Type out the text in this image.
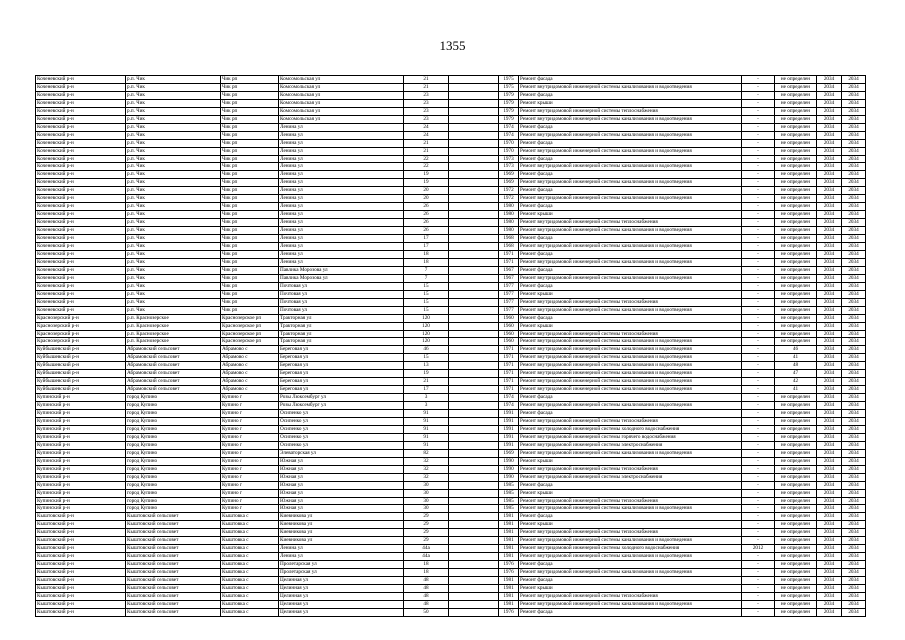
1355
Коченевский р-н	р.п. Чик	Чик рп	Комсомольская ул	21		1975	Ремонт фасада	-	не определен	2034	2034
Коченевский р-н	р.п. Чик	Чик рп	Комсомольская ул	21		1975	Ремонт внутридомовой инженерной системы канализования и водоотведения	-	не определен	2034	2034
Коченевский р-н	р.п. Чик	Чик рп	Комсомольская ул	23		1979	Ремонт фасада	-	не определен	2034	2034
Коченевский р-н	р.п. Чик	Чик рп	Комсомольская ул	23		1979	Ремонт крыши	-	не определен	2034	2034
Коченевский р-н	р.п. Чик	Чик рп	Комсомольская ул	23		1979	Ремонт внутридомовой инженерной системы теплоснабжения	-	не определен	2034	2034
Коченевский р-н	р.п. Чик	Чик рп	Комсомольская ул	23		1979	Ремонт внутридомовой инженерной системы канализования и водоотведения	-	не определен	2034	2034
Коченевский р-н	р.п. Чик	Чик рп	Ленина ул	24		1974	Ремонт фасада	-	не определен	2034	2034
Коченевский р-н	р.п. Чик	Чик рп	Ленина ул	24		1974	Ремонт внутридомовой инженерной системы канализования и водоотведения	-	не определен	2034	2034
Коченевский р-н	р.п. Чик	Чик рп	Ленина ул	21		1970	Ремонт фасада	-	не определен	2034	2034
Коченевский р-н	р.п. Чик	Чик рп	Ленина ул	21		1970	Ремонт внутридомовой инженерной системы канализования и водоотведения	-	не определен	2034	2034
Коченевский р-н	р.п. Чик	Чик рп	Ленина ул	22		1973	Ремонт фасада	-	не определен	2034	2034
Коченевский р-н	р.п. Чик	Чик рп	Ленина ул	22		1973	Ремонт внутридомовой инженерной системы канализования и водоотведения	-	не определен	2034	2034
Коченевский р-н	р.п. Чик	Чик рп	Ленина ул	19		1969	Ремонт фасада	-	не определен	2034	2034
Коченевский р-н	р.п. Чик	Чик рп	Ленина ул	19		1969	Ремонт внутридомовой инженерной системы канализования и водоотведения	-	не определен	2034	2034
Коченевский р-н	р.п. Чик	Чик рп	Ленина ул	20		1972	Ремонт фасада	-	не определен	2034	2034
Коченевский р-н	р.п. Чик	Чик рп	Ленина ул	20		1972	Ремонт внутридомовой инженерной системы канализования и водоотведения	-	не определен	2034	2034
Коченевский р-н	р.п. Чик	Чик рп	Ленина ул	26		1980	Ремонт фасада	-	не определен	2034	2034
Коченевский р-н	р.п. Чик	Чик рп	Ленина ул	26		1980	Ремонт крыши	-	не определен	2034	2034
Коченевский р-н	р.п. Чик	Чик рп	Ленина ул	26		1980	Ремонт внутридомовой инженерной системы теплоснабжения	-	не определен	2034	2034
Коченевский р-н	р.п. Чик	Чик рп	Ленина ул	26		1980	Ремонт внутридомовой инженерной системы канализования и водоотведения	-	не определен	2034	2034
Коченевский р-н	р.п. Чик	Чик рп	Ленина ул	17		1968	Ремонт фасада	-	не определен	2034	2034
Коченевский р-н	р.п. Чик	Чик рп	Ленина ул	17		1968	Ремонт внутридомовой инженерной системы канализования и водоотведения	-	не определен	2034	2034
Коченевский р-н	р.п. Чик	Чик рп	Ленина ул	18		1971	Ремонт фасада	-	не определен	2034	2034
Коченевский р-н	р.п. Чик	Чик рп	Ленина ул	18		1971	Ремонт внутридомовой инженерной системы канализования и водоотведения	-	не определен	2034	2034
Коченевский р-н	р.п. Чик	Чик рп	Павлика Морозова ул	7		1967	Ремонт фасада	-	не определен	2034	2034
Коченевский р-н	р.п. Чик	Чик рп	Павлика Морозова ул	7		1967	Ремонт внутридомовой инженерной системы канализования и водоотведения	-	не определен	2034	2034
Коченевский р-н	р.п. Чик	Чик рп	Почтовая ул	15		1977	Ремонт фасада	-	не определен	2034	2034
Коченевский р-н	р.п. Чик	Чик рп	Почтовая ул	15		1977	Ремонт крыши	-	не определен	2034	2034
Коченевский р-н	р.п. Чик	Чик рп	Почтовая ул	15		1977	Ремонт внутридомовой инженерной системы теплоснабжения	-	не определен	2034	2034
Коченевский р-н	р.п. Чик	Чик рп	Почтовая ул	15		1977	Ремонт внутридомовой инженерной системы канализования и водоотведения	-	не определен	2034	2034
Краснозерский р-н	р.п. Краснозерское	Краснозерское рп	Тракторная ул	120		1960	Ремонт фасада	-	не определен	2034	2034
Краснозерский р-н	р.п. Краснозерское	Краснозерское рп	Тракторная ул	120		1960	Ремонт крыши	-	не определен	2034	2034
Краснозерский р-н	р.п. Краснозерское	Краснозерское рп	Тракторная ул	120		1960	Ремонт внутридомовой инженерной системы теплоснабжения	-	не определен	2034	2034
Краснозерский р-н	р.п. Краснозерское	Краснозерское рп	Тракторная ул	120		1960	Ремонт внутридомовой инженерной системы канализования и водоотведения	-	не определен	2034	2034
Куйбышевский р-н	Абрамовский сельсовет	Абрамово с	Береговая ул	46		1971	Ремонт внутридомовой инженерной системы канализования и водоотведения	-	46	2034	2034
Куйбышевский р-н	Абрамовский сельсовет	Абрамово с	Береговая ул	15		1971	Ремонт внутридомовой инженерной системы канализования и водоотведения	-	41	2034	2034
Куйбышевский р-н	Абрамовский сельсовет	Абрамово с	Береговая ул	13		1971	Ремонт внутридомовой инженерной системы канализования и водоотведения	-	48	2034	2034
Куйбышевский р-н	Абрамовский сельсовет	Абрамово с	Береговая ул	19		1971	Ремонт внутридомовой инженерной системы канализования и водоотведения	-	47	2034	2034
Куйбышевский р-н	Абрамовский сельсовет	Абрамово с	Береговая ул	21		1971	Ремонт внутридомовой инженерной системы канализования и водоотведения	-	42	2034	2034
Куйбышевский р-н	Абрамовский сельсовет	Абрамово с	Береговая ул	17		1971	Ремонт внутридомовой инженерной системы канализования и водоотведения	-	41	2034	2034
Купинский р-н	город Купино	Купино г	Розы Люксембург ул	3		1974	Ремонт фасада	-	не определен	2034	2034
Купинский р-н	город Купино	Купино г	Розы Люксембург ул	3		1974	Ремонт внутридомовой инженерной системы канализования и водоотведения	-	не определен	2034	2034
Купинский р-н	город Купино	Купино г	Осипенко ул	91		1991	Ремонт фасада	-	не определен	2034	2034
Купинский р-н	город Купино	Купино г	Осипенко ул	91		1991	Ремонт внутридомовой инженерной системы теплоснабжения	-	не определен	2034	2034
Купинский р-н	город Купино	Купино г	Осипенко ул	91		1991	Ремонт внутридомовой инженерной системы холодного водоснабжения	-	не определен	2034	2034
Купинский р-н	город Купино	Купино г	Осипенко ул	91		1991	Ремонт внутридомовой инженерной системы горячего водоснабжения	-	не определен	2034	2034
Купинский р-н	город Купино	Купино г	Осипенко ул	91		1991	Ремонт внутридомовой инженерной системы электроснабжения	-	не определен	2034	2034
Купинский р-н	город Купино	Купино г	Элеваторская ул	82		1969	Ремонт внутридомовой инженерной системы канализования и водоотведения	-	не определен	2034	2034
Купинский р-н	город Купино	Купино г	Южная ул	32		1990	Ремонт крыши	-	не определен	2034	2034
Купинский р-н	город Купино	Купино г	Южная ул	32		1990	Ремонт внутридомовой инженерной системы теплоснабжения	-	не определен	2034	2034
Купинский р-н	город Купино	Купино г	Южная ул	32		1990	Ремонт внутридомовой инженерной системы электроснабжения	-	не определен	2034	2034
Купинский р-н	город Купино	Купино г	Южная ул	30		1985	Ремонт фасада	-	не определен	2034	2034
Купинский р-н	город Купино	Купино г	Южная ул	30		1985	Ремонт крыши	-	не определен	2034	2034
Купинский р-н	город Купино	Купино г	Южная ул	30		1985	Ремонт внутридомовой инженерной системы теплоснабжения	-	не определен	2034	2034
Купинский р-н	город Купино	Купино г	Южная ул	30		1985	Ремонт внутридомовой инженерной системы канализования и водоотведения	-	не определен	2034	2034
Кыштовский р-н	Кыштовский сельсовет	Кыштовка с	Киевникова ул	29		1981	Ремонт фасада	-	не определен	2034	2034
Кыштовский р-н	Кыштовский сельсовет	Кыштовка с	Киевникова ул	29		1981	Ремонт крыши	-	не определен	2034	2034
Кыштовский р-н	Кыштовский сельсовет	Кыштовка с	Киевникова ул	29		1981	Ремонт внутридомовой инженерной системы теплоснабжения	-	не определен	2034	2034
Кыштовский р-н	Кыштовский сельсовет	Кыштовка с	Киевникова ул	29		1981	Ремонт внутридомовой инженерной системы канализования и водоотведения	-	не определен	2034	2034
Кыштовский р-н	Кыштовский сельсовет	Кыштовка с	Ленина ул	44а		1981	Ремонт внутридомовой инженерной системы холодного водоснабжения	2012	не определен	2034	2034
Кыштовский р-н	Кыштовский сельсовет	Кыштовка с	Ленина ул	44а		1981	Ремонт внутридомовой инженерной системы канализования и водоотведения	-	не определен	2034	2034
Кыштовский р-н	Кыштовский сельсовет	Кыштовка с	Пролетарская ул	18		1976	Ремонт фасада	-	не определен	2034	2034
Кыштовский р-н	Кыштовский сельсовет	Кыштовка с	Пролетарская ул	18		1976	Ремонт внутридомовой инженерной системы канализования и водоотведения	-	не определен	2034	2034
Кыштовский р-н	Кыштовский сельсовет	Кыштовка с	Целинная ул	48		1981	Ремонт фасада	-	не определен	2034	2034
Кыштовский р-н	Кыштовский сельсовет	Кыштовка с	Целинная ул	48		1981	Ремонт крыши	-	не определен	2034	2034
Кыштовский р-н	Кыштовский сельсовет	Кыштовка с	Целинная ул	48		1981	Ремонт внутридомовой инженерной системы теплоснабжения	-	не определен	2034	2034
Кыштовский р-н	Кыштовский сельсовет	Кыштовка с	Целинная ул	48		1981	Ремонт внутридомовой инженерной системы канализования и водоотведения	-	не определен	2034	2034
Кыштовский р-н	Кыштовский сельсовет	Кыштовка с	Целинная ул	50		1976	Ремонт фасада	-	не определен	2034	2034
